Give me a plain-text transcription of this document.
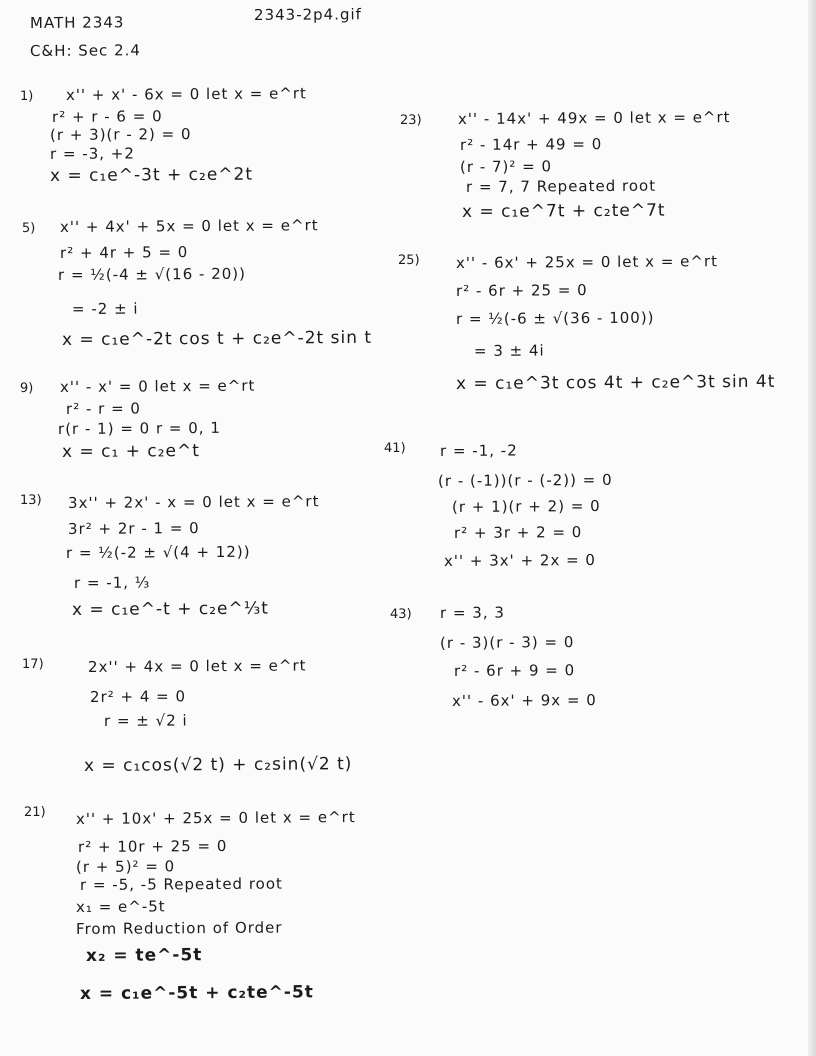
MATH 2343
C&H: Sec 2.4
2343-2p4.gif
1) x'' + x' - 6x = 0 let x = e^rt
r² + r - 6 = 0
(r + 3)(r - 2) = 0
r = -3, +2
x = c₁e^-3t + c₂e^2t
5) x'' + 4x' + 5x = 0 let x = e^rt
r² + 4r + 5 = 0
r = ½(-4 ± √(16 - 20))
= -2 ± i
x = c₁e^-2t cos t + c₂e^-2t sin t
9) x'' - x' = 0 let x = e^rt
r² - r = 0
r(r - 1) = 0 r = 0, 1
x = c₁ + c₂e^t
13) 3x'' + 2x' - x = 0 let x = e^rt
3r² + 2r - 1 = 0
r = ½(-2 ± √(4 + 12))
r = -1, ⅓
x = c₁e^-t + c₂e^⅓t
17)	2x'' + 4x = 0 let x = e^rt
2r² + 4 = 0
r = ± √2 i
x = c₁cos(√2 t) + c₂sin(√2 t)
21) x'' + 10x' + 25x = 0 let x = e^rt
r² + 10r + 25 = 0
(r + 5)² = 0
r = -5, -5 Repeated root
x₁ = e^-5t
From Reduction of Order
x₂ = te^-5t
x = c₁e^-5t + c₂te^-5t
23) x'' - 14x' + 49x = 0 let x = e^rt
r² - 14r + 49 = 0
(r - 7)² = 0
r = 7, 7 Repeated root
x = c₁e^7t + c₂te^7t
25) x'' - 6x' + 25x = 0 let x = e^rt
r² - 6r + 25 = 0
r = ½(-6 ± √(36 - 100))
= 3 ± 4i
x = c₁e^3t cos 4t + c₂e^3t sin 4t
41) r = -1, -2
(r - (-1))(r - (-2)) = 0
(r + 1)(r + 2) = 0
r² + 3r + 2 = 0
x'' + 3x' + 2x = 0
43) r = 3, 3
(r - 3)(r - 3) = 0
r² - 6r + 9 = 0
x'' - 6x' + 9x = 0
